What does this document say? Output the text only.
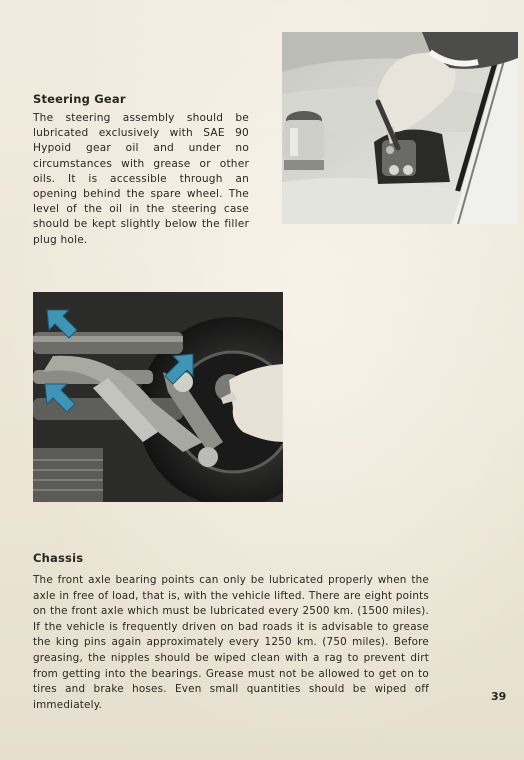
Steering Gear

The steering assembly should be lubricated exclusively with SAE 90 Hypoid gear oil and under no circumstances with grease or other oils. It is accessible through an opening behind the spare wheel. The level of the oil in the steering case should be kept slightly below the filler plug hole.

Chassis

The front axle bearing points can only be lubricated properly when the axle in free of load, that is, with the vehicle lifted. There are eight points on the front axle which must be lubricated every 2500 km. (1500 miles). If the vehicle is frequently driven on bad roads it is advisable to grease the king pins again approximately every 1250 km. (750 miles). Before greasing, the nipples should be wiped clean with a rag to prevent dirt from getting into the bearings. Grease must not be allowed to get on to tires and brake hoses. Even small quantities should be wiped off immediately.

39
